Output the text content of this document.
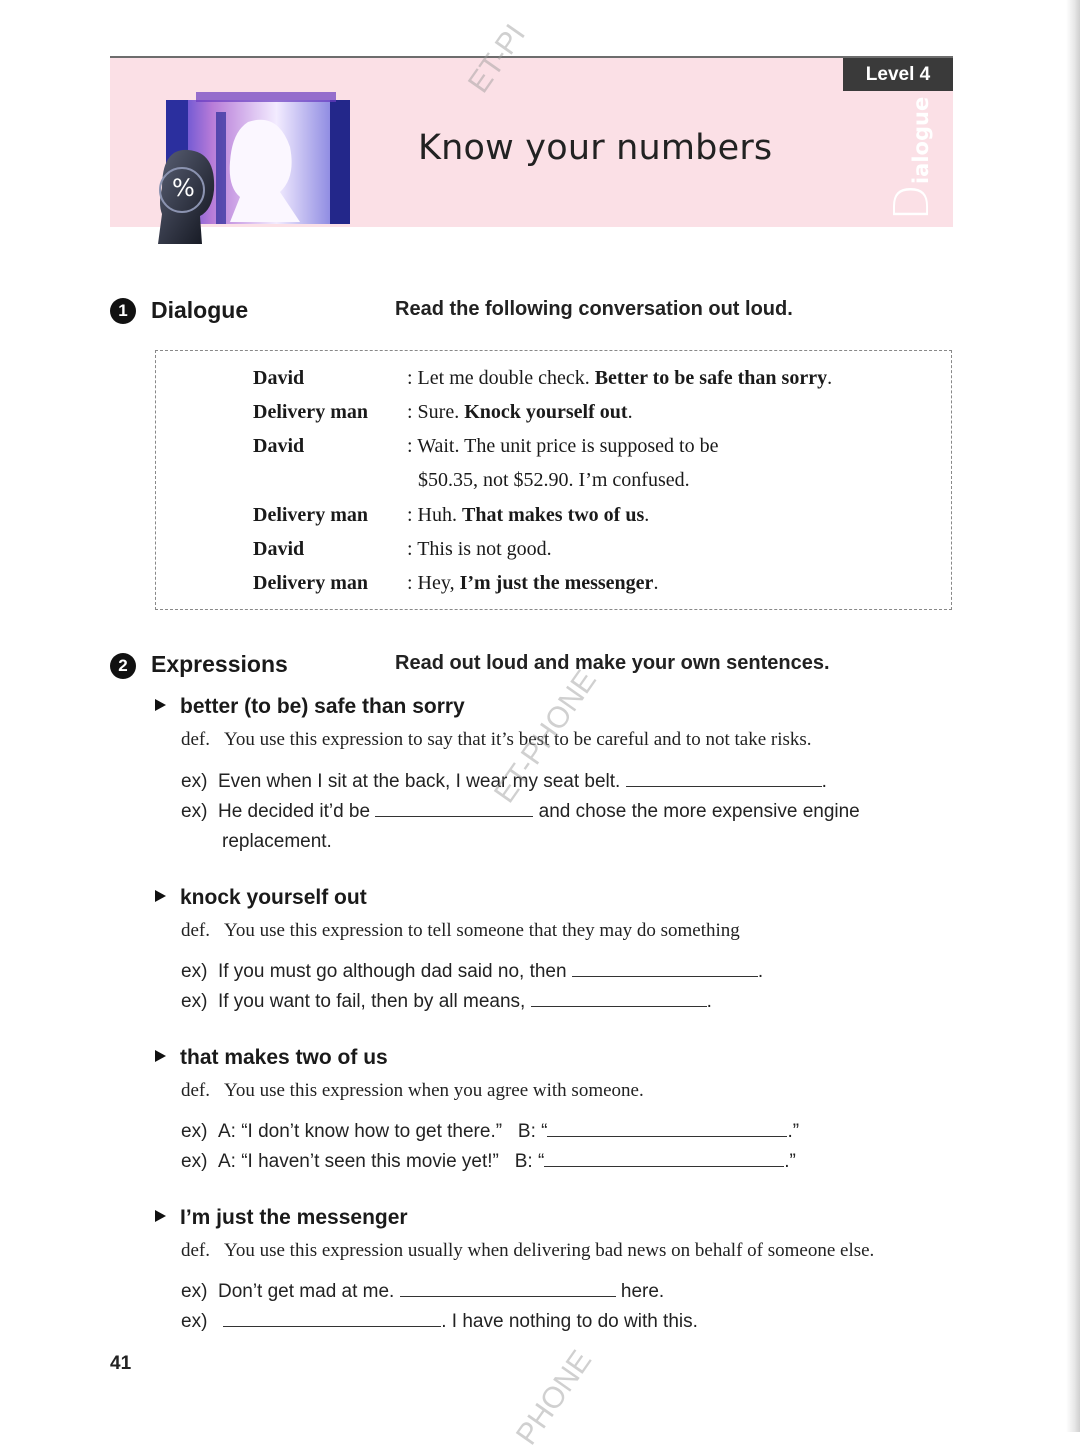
Level 4
%
Know your numbers
Dialogue
1	Dialogue	Read the following conversation out loud.
David	: Let me double check. Better to be safe than sorry.
Delivery man : Sure. Knock yourself out.
David	: Wait. The unit price is supposed to be
$50.35, not $52.90. I’m confused.
Delivery man : Huh. That makes two of us.
David	: This is not good.
Delivery man : Hey, I’m just the messenger.
2	Expressions	Read out loud and make your own sentences.
better (to be) safe than sorry
def. You use this expression to say that it’s best to be careful and to not take risks.
ex) Even when I sit at the back, I wear my seat belt.	.
ex) He decided it’d be	and chose the more expensive engine
replacement.
knock yourself out
def. You use this expression to tell someone that they may do something
ex) If you must go although dad said no, then	.
ex) If you want to fail, then by all means,	.
that makes two of us
def. You use this expression when you agree with someone.
ex) A: “I don’t know how to get there.” B: “	.”
ex) A: “I haven’t seen this movie yet!” B: “	.”
I’m just the messenger
def. You use this expression usually when delivering bad news on behalf of someone else.
ex) Don’t get mad at me.	here.
ex)	. I have nothing to do with this.
41
ET-PI
ET-PHONE
PHONE
